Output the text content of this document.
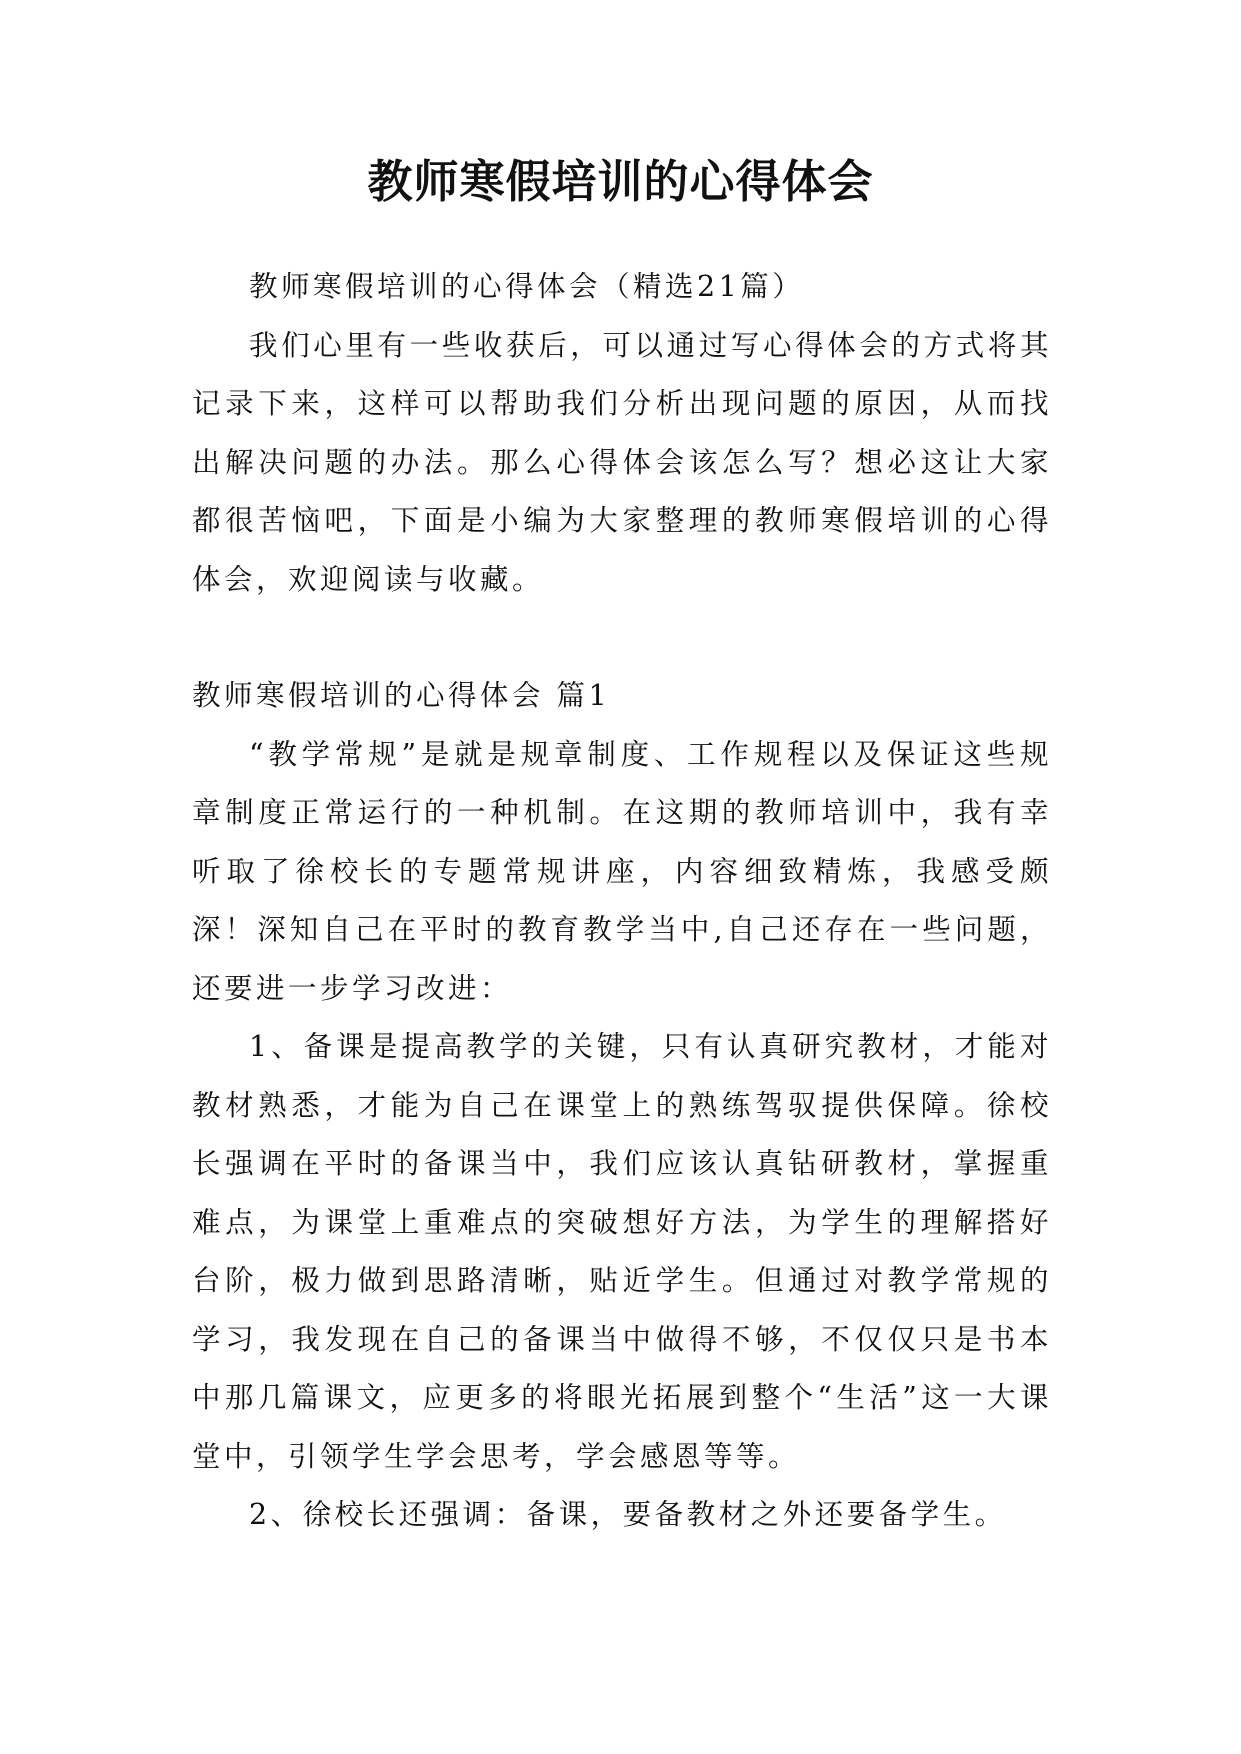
教师寒假培训的心得体会

教师寒假培训的心得体会（精选21篇）

我们心里有一些收获后，可以通过写心得体会的方式将其记录下来，这样可以帮助我们分析出现问题的原因，从而找出解决问题的办法。那么心得体会该怎么写？想必这让大家都很苦恼吧，下面是小编为大家整理的教师寒假培训的心得体会，欢迎阅读与收藏。

教师寒假培训的心得体会 篇1

“教学常规”是就是规章制度、工作规程以及保证这些规章制度正常运行的一种机制。在这期的教师培训中，我有幸听取了徐校长的专题常规讲座，内容细致精炼，我感受颇深！深知自己在平时的教育教学当中,自己还存在一些问题，还要进一步学习改进：

1、备课是提高教学的关键，只有认真研究教材，才能对教材熟悉，才能为自己在课堂上的熟练驾驭提供保障。徐校长强调在平时的备课当中，我们应该认真钻研教材，掌握重难点，为课堂上重难点的突破想好方法，为学生的理解搭好台阶，极力做到思路清晰，贴近学生。但通过对教学常规的学习，我发现在自己的备课当中做得不够，不仅仅只是书本中那几篇课文，应更多的将眼光拓展到整个“生活”这一大课堂中，引领学生学会思考，学会感恩等等。

2、徐校长还强调：备课，要备教材之外还要备学生。
